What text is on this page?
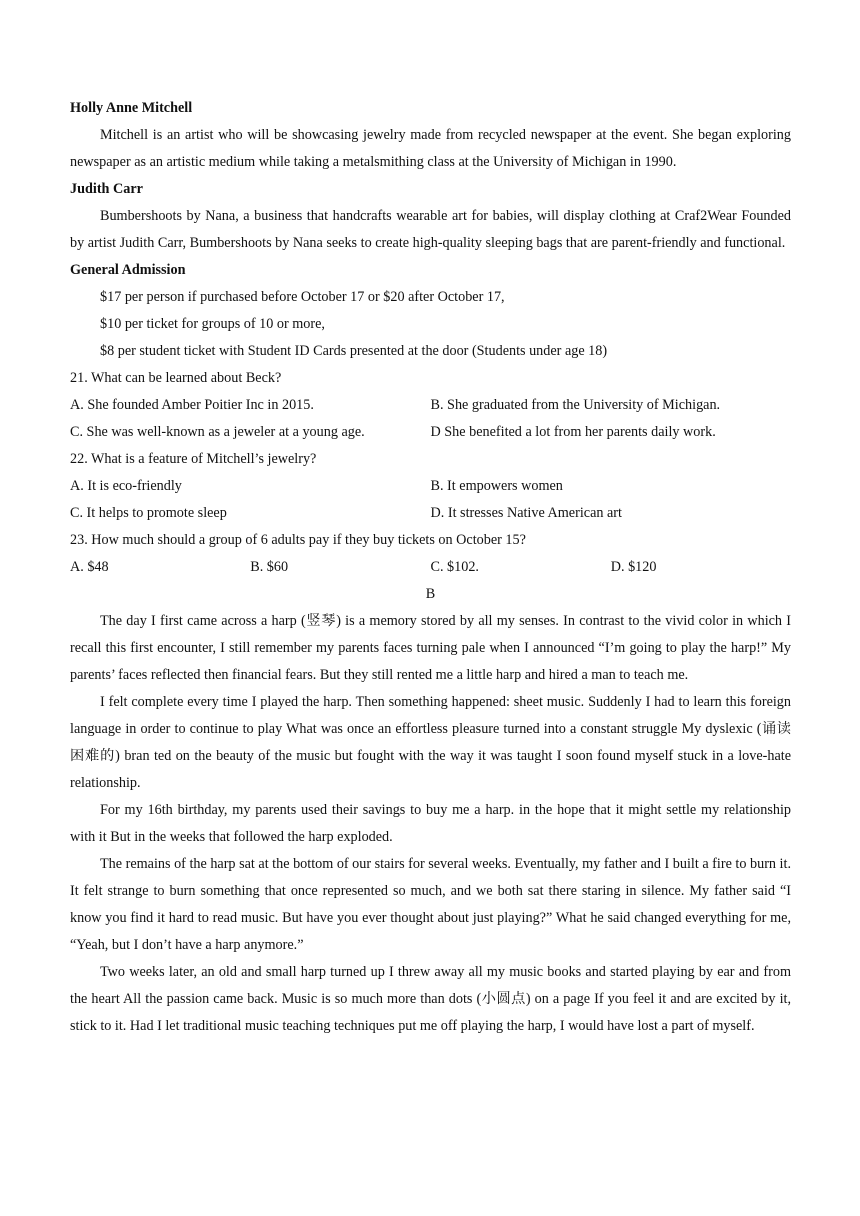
Holly Anne Mitchell

Mitchell is an artist who will be showcasing jewelry made from recycled newspaper at the event. She began exploring newspaper as an artistic medium while taking a metalsmithing class at the University of Michigan in 1990.

Judith Carr

Bumbershoots by Nana, a business that handcrafts wearable art for babies, will display clothing at Craf2Wear Founded by artist Judith Carr, Bumbershoots by Nana seeks to create high-quality sleeping bags that are parent-friendly and functional.

General Admission

$17 per person if purchased before October 17 or $20 after October 17,

$10 per ticket for groups of 10 or more,

$8 per student ticket with Student ID Cards presented at the door (Students under age 18)

21. What can be learned about Beck?

A. She founded Amber Poitier Inc in 2015.	B. She graduated from the University of Michigan.
C. She was well-known as a jeweler at a young age.	D She benefited a lot from her parents daily work.

22. What is a feature of Mitchell’s jewelry?

A. It is eco-friendly	B. It empowers women
C. It helps to promote sleep	D. It stresses Native American art

23. How much should a group of 6 adults pay if they buy tickets on October 15?

A. $48	B. $60	C. $102.	D. $120

B

The day I first came across a harp (竖琴) is a memory stored by all my senses. In contrast to the vivid color in which I recall this first encounter, I still remember my parents faces turning pale when I announced “I’m going to play the harp!” My parents’ faces reflected then financial fears. But they still rented me a little harp and hired a man to teach me.

I felt complete every time I played the harp. Then something happened: sheet music. Suddenly I had to learn this foreign language in order to continue to play What was once an effortless pleasure turned into a constant struggle My dyslexic (诵读困难的) bran ted on the beauty of the music but fought with the way it was taught I soon found myself stuck in a love-hate relationship.

For my 16th birthday, my parents used their savings to buy me a harp. in the hope that it might settle my relationship with it But in the weeks that followed the harp exploded.

The remains of the harp sat at the bottom of our stairs for several weeks. Eventually, my father and I built a fire to burn it. It felt strange to burn something that once represented so much, and we both sat there staring in silence. My father said “I know you find it hard to read music. But have you ever thought about just playing?” What he said changed everything for me, “Yeah, but I don’t have a harp anymore.”

Two weeks later, an old and small harp turned up I threw away all my music books and started playing by ear and from the heart All the passion came back. Music is so much more than dots (小圆点) on a page If you feel it and are excited by it, stick to it. Had I let traditional music teaching techniques put me off playing the harp, I would have lost a part of myself.
